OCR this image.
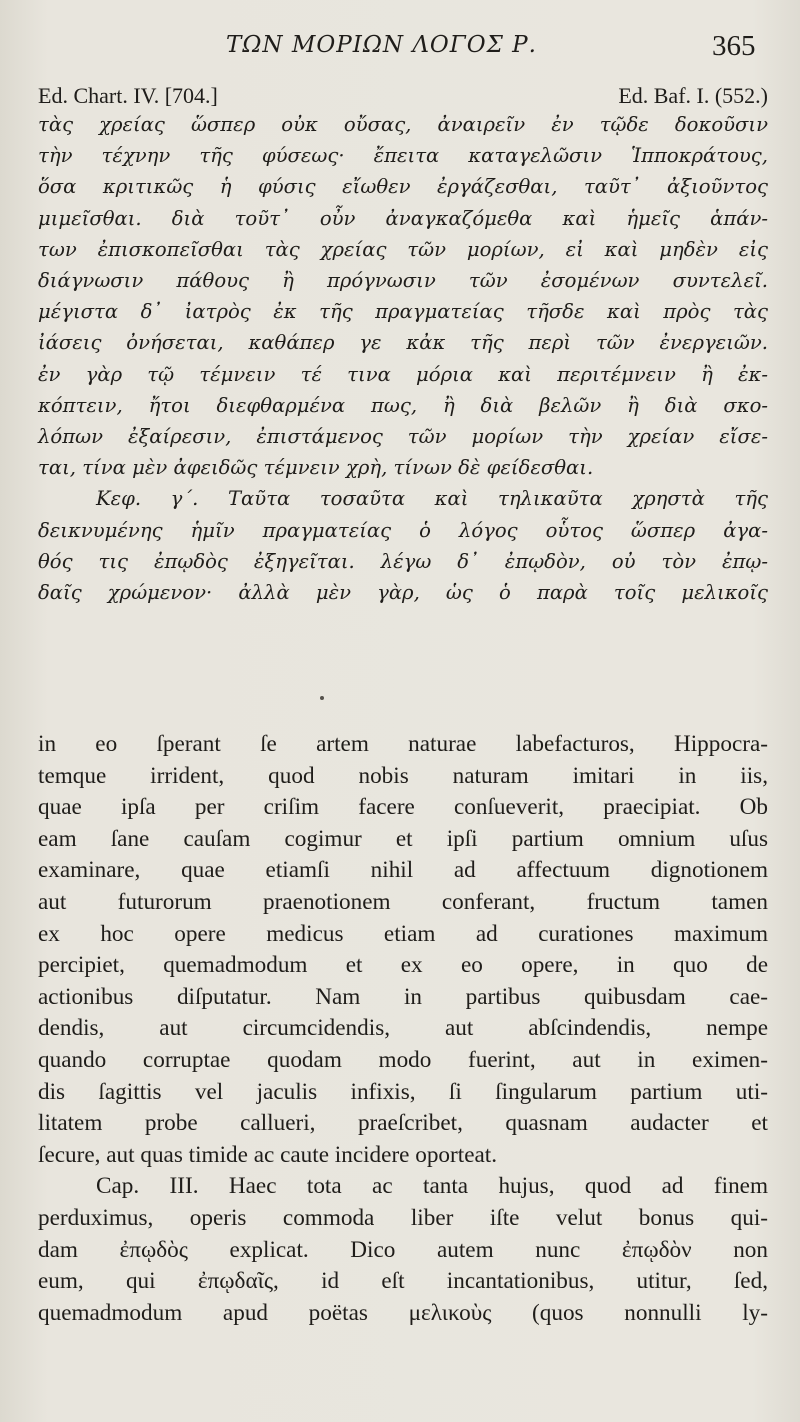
ΤΩΝ ΜΟΡΙΩΝ ΛΟΓΟΣ Ρ.	365
Ed. Chart. IV. [704.]	Ed. Baf. I. (552.)
τὰς χρείας ὥσπερ οὐκ οὔσας, ἀναιρεῖν ἐν τῷδε δοκοῦσιν
τὴν τέχνην τῆς φύσεως· ἔπειτα καταγελῶσιν Ἱπποκράτους,
ὅσα κριτικῶς ἡ φύσις εἴωθεν ἐργάζεσθαι, ταῦτ᾽ ἀξιοῦντος
μιμεῖσθαι. διὰ τοῦτ᾽ οὖν ἀναγκαζόμεθα καὶ ἡμεῖς ἁπάν-
των ἐπισκοπεῖσθαι τὰς χρείας τῶν μορίων, εἰ καὶ μηδὲν εἰς
διάγνωσιν πάθους ἢ πρόγνωσιν τῶν ἐσομένων συντελεῖ.
μέγιστα δ᾽ ἰατρὸς ἐκ τῆς πραγματείας τῆσδε καὶ πρὸς τὰς
ἰάσεις ὀνήσεται, καθάπερ γε κἀκ τῆς περὶ τῶν ἐνεργειῶν.
ἐν γὰρ τῷ τέμνειν τέ τινα μόρια καὶ περιτέμνειν ἢ ἐκ-
κόπτειν, ἤτοι διεφθαρμένα πως, ἢ διὰ βελῶν ἢ διὰ σκο-
λόπων ἐξαίρεσιν, ἐπιστάμενος τῶν μορίων τὴν χρείαν εἴσε-
ται, τίνα μὲν ἀφειδῶς τέμνειν χρὴ, τίνων δὲ φείδεσθαι.
Κεφ. γ΄. Ταῦτα τοσαῦτα καὶ τηλικαῦτα χρηστὰ τῆς
δεικνυμένης ἡμῖν πραγματείας ὁ λόγος οὗτος ὥσπερ ἀγα-
θός τις ἐπῳδὸς ἐξηγεῖται. λέγω δ᾽ ἐπῳδὸν, οὐ τὸν ἐπῳ-
δαῖς χρώμενον· ἀλλὰ μὲν γὰρ, ὡς ὁ παρὰ τοῖς μελικοῖς
in eo ſperant ſe artem naturae labefacturos, Hippocra-
temque irrident, quod nobis naturam imitari in iis,
quae ipſa per criſim facere conſueverit, praecipiat. Ob
eam ſane cauſam cogimur et ipſi partium omnium uſus
examinare, quae etiamſi nihil ad affectuum dignotionem
aut futurorum praenotionem conferant, fructum tamen
ex hoc opere medicus etiam ad curationes maximum
percipiet, quemadmodum et ex eo opere, in quo de
actionibus diſputatur. Nam in partibus quibusdam cae-
dendis, aut circumcidendis, aut abſcindendis, nempe
quando corruptae quodam modo fuerint, aut in eximen-
dis ſagittis vel jaculis infixis, ſi ſingularum partium uti-
litatem probe callueri, praeſcribet, quasnam audacter et
ſecure, aut quas timide ac caute incidere oporteat.
Cap. III. Haec tota ac tanta hujus, quod ad finem
perduximus, operis commoda liber iſte velut bonus qui-
dam ἐπῳδὸς explicat. Dico autem nunc ἐπῳδὸν non
eum, qui ἐπῳδαῖς, id eſt incantationibus, utitur, ſed,
quemadmodum apud poëtas μελικοὺς (quos nonnulli ly-
